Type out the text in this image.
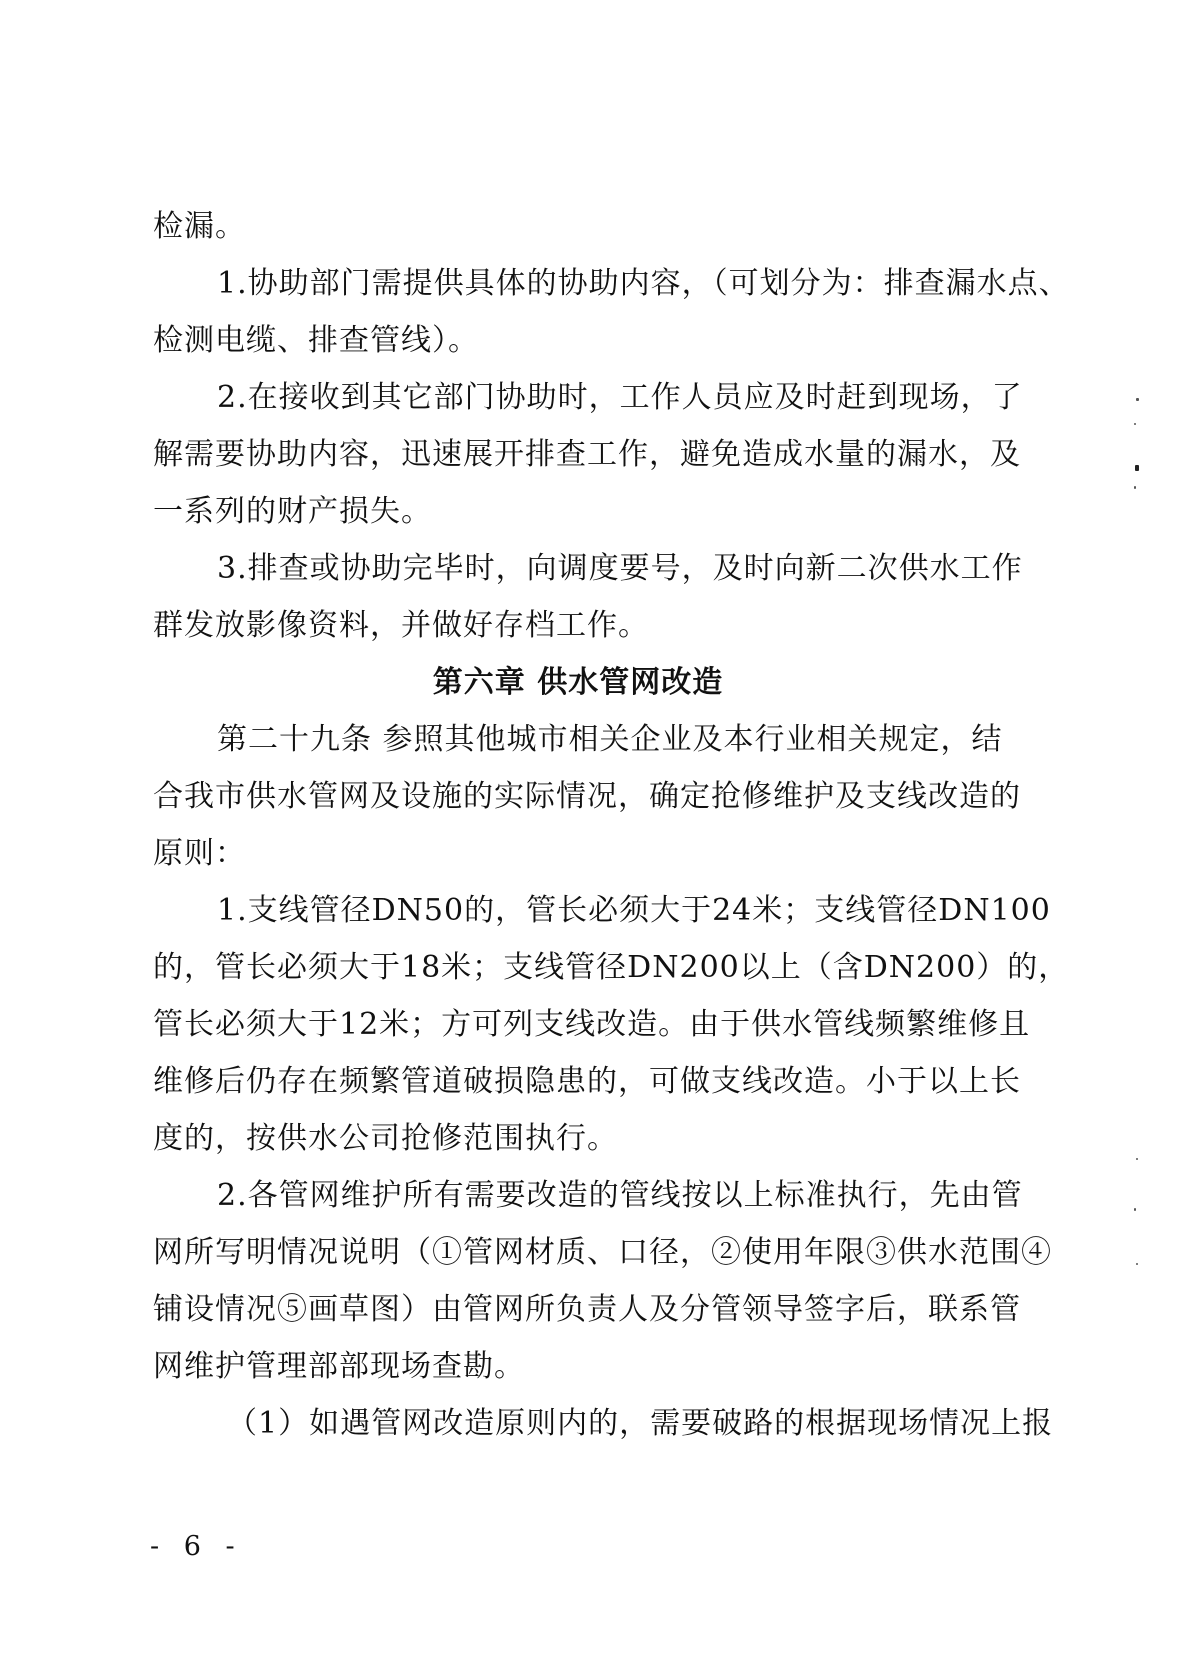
检漏。
1.协助部门需提供具体的协助内容，（可划分为：排查漏水点、
检测电缆、排查管线）。
2.在接收到其它部门协助时，工作人员应及时赶到现场，了
解需要协助内容，迅速展开排查工作，避免造成水量的漏水，及
一系列的财产损失。
3.排查或协助完毕时，向调度要号，及时向新二次供水工作
群发放影像资料，并做好存档工作。
第六章 供水管网改造
第二十九条 参照其他城市相关企业及本行业相关规定，结
合我市供水管网及设施的实际情况，确定抢修维护及支线改造的
原则：
1.支线管径DN50的，管长必须大于24米；支线管径DN100
的，管长必须大于18米；支线管径DN200以上（含DN200）的，
管长必须大于12米；方可列支线改造。由于供水管线频繁维修且
维修后仍存在频繁管道破损隐患的，可做支线改造。小于以上长
度的，按供水公司抢修范围执行。
2.各管网维护所有需要改造的管线按以上标准执行，先由管
网所写明情况说明（①管网材质、口径，②使用年限③供水范围④
铺设情况⑤画草图）由管网所负责人及分管领导签字后，联系管
网维护管理部部现场查勘。
（1）如遇管网改造原则内的，需要破路的根据现场情况上报
- 6 -
